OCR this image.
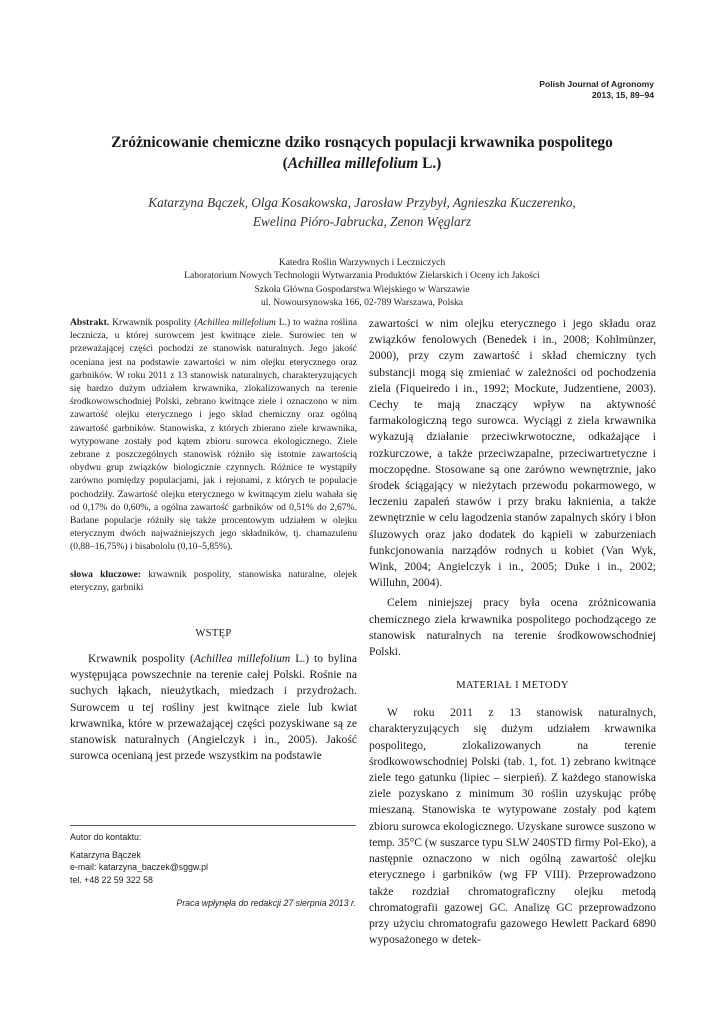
Polish Journal of Agronomy
2013, 15, 89–94
Zróżnicowanie chemiczne dziko rosnących populacji krwawnika pospolitego
(Achillea millefolium L.)
Katarzyna Bączek, Olga Kosakowska, Jarosław Przybył, Agnieszka Kuczerenko,
Ewelina Pióro-Jabrucka, Zenon Węglarz
Katedra Roślin Warzywnych i Leczniczych
Laboratorium Nowych Technologii Wytwarzania Produktów Zielarskich i Oceny ich Jakości
Szkoła Główna Gospodarstwa Wiejskiego w Warszawie
ul. Nowoursynowska 166, 02-789 Warszawa, Polska

Abstrakt. Krwawnik pospolity (Achillea millefolium L.) to ważna roślina lecznicza, u której surowcem jest kwitnące ziele. Surowiec ten w przeważającej części pochodzi ze stanowisk naturalnych. Jego jakość oceniana jest na podstawie zawartości w nim olejku eterycznego oraz garbników. W roku 2011 z 13 stanowisk naturalnych, charakteryzujących się bardzo dużym udziałem krwawnika, zlokalizowanych na terenie środkowowschodniej Polski, zebrano kwitnące ziele i oznaczono w nim zawartość olejku eterycznego i jego skład chemiczny oraz ogólną zawartość garbników. Stanowiska, z których zbierano ziele krwawnika, wytypowane zostały pod kątem zbioru surowca ekologicznego. Ziele zebrane z poszczególnych stanowisk różniło się istotnie zawartością obydwu grup związków biologicznie czynnych. Różnice te wystąpiły zarówno pomiędzy populacjami, jak i rejonami, z których te populacje pochodziły. Zawartość olejku eterycznego w kwitnącym zielu wahała się od 0,17% do 0,60%, a ogólna zawartość garbników od 0,51% do 2,67%. Badane populacje różniły się także procentowym udziałem w olejku eterycznym dwóch najważniejszych jego składników, tj. chamazulenu (0,88–16,75%) i bisabololu (0,10–5,85%).

słowa kluczowe: krwawnik pospolity, stanowiska naturalne, olejek eteryczny, garbniki

WSTĘP

Krwawnik pospolity (Achillea millefolium L.) to bylina występująca powszechnie na terenie całej Polski. Rośnie na suchych łąkach, nieużytkach, miedzach i przydrożach. Surowcem u tej rośliny jest kwitnące ziele lub kwiat krwawnika, które w przeważającej części pozyskiwane są ze stanowisk naturalnych (Angielczyk i in., 2005). Jakość surowca ocenianą jest przede wszystkim na podstawie

Autor do kontaktu:
Katarzyna Bączek
e-mail: katarzyna_baczek@sggw.pl
tel. +48 22 59 322 58
Praca wpłynęła do redakcji 27 sierpnia 2013 r.

zawartości w nim olejku eterycznego i jego składu oraz związków fenolowych (Benedek i in., 2008; Kohlmünzer, 2000), przy czym zawartość i skład chemiczny tych substancji mogą się zmieniać w zależności od pochodzenia ziela (Fiqueiredo i in., 1992; Mockute, Judzentiene, 2003). Cechy te mają znaczący wpływ na aktywność farmakologiczną tego surowca. Wyciągi z ziela krwawnika wykazują działanie przeciwkrwotoczne, odkażające i rozkurczowe, a także przeciwzapalne, przeciwartretyczne i moczopędne. Stosowane są one zarówno wewnętrznie, jako środek ściągający w nieżytach przewodu pokarmowego, w leczeniu zapaleń stawów i przy braku łaknienia, a także zewnętrznie w celu łagodzenia stanów zapalnych skóry i błon śluzowych oraz jako dodatek do kąpieli w zaburzeniach funkcjonowania narządów rodnych u kobiet (Van Wyk, Wink, 2004; Angielczyk i in., 2005; Duke i in., 2002; Willuhn, 2004).

Celem niniejszej pracy była ocena zróżnicowania chemicznego ziela krwawnika pospolitego pochodzącego ze stanowisk naturalnych na terenie środkowowschodniej Polski.

MATERIAŁ I METODY

W roku 2011 z 13 stanowisk naturalnych, charakteryzujących się dużym udziałem krwawnika pospolitego, zlokalizowanych na terenie środkowowschodniej Polski (tab. 1, fot. 1) zebrano kwitnące ziele tego gatunku (lipiec – sierpień). Z każdego stanowiska ziele pozyskano z minimum 30 roślin uzyskując próbę mieszaną. Stanowiska te wytypowane zostały pod kątem zbioru surowca ekologicznego. Uzyskane surowce suszono w temp. 35°C (w suszarce typu SLW 240STD firmy Pol-Eko), a następnie oznaczono w nich ogólną zawartość olejku eterycznego i garbników (wg FP VIII). Przeprowadzono także rozdział chromatograficzny olejku metodą chromatografii gazowej GC. Analizę GC przeprowadzono przy użyciu chromatografu gazowego Hewlett Packard 6890 wyposażonego w detek-
